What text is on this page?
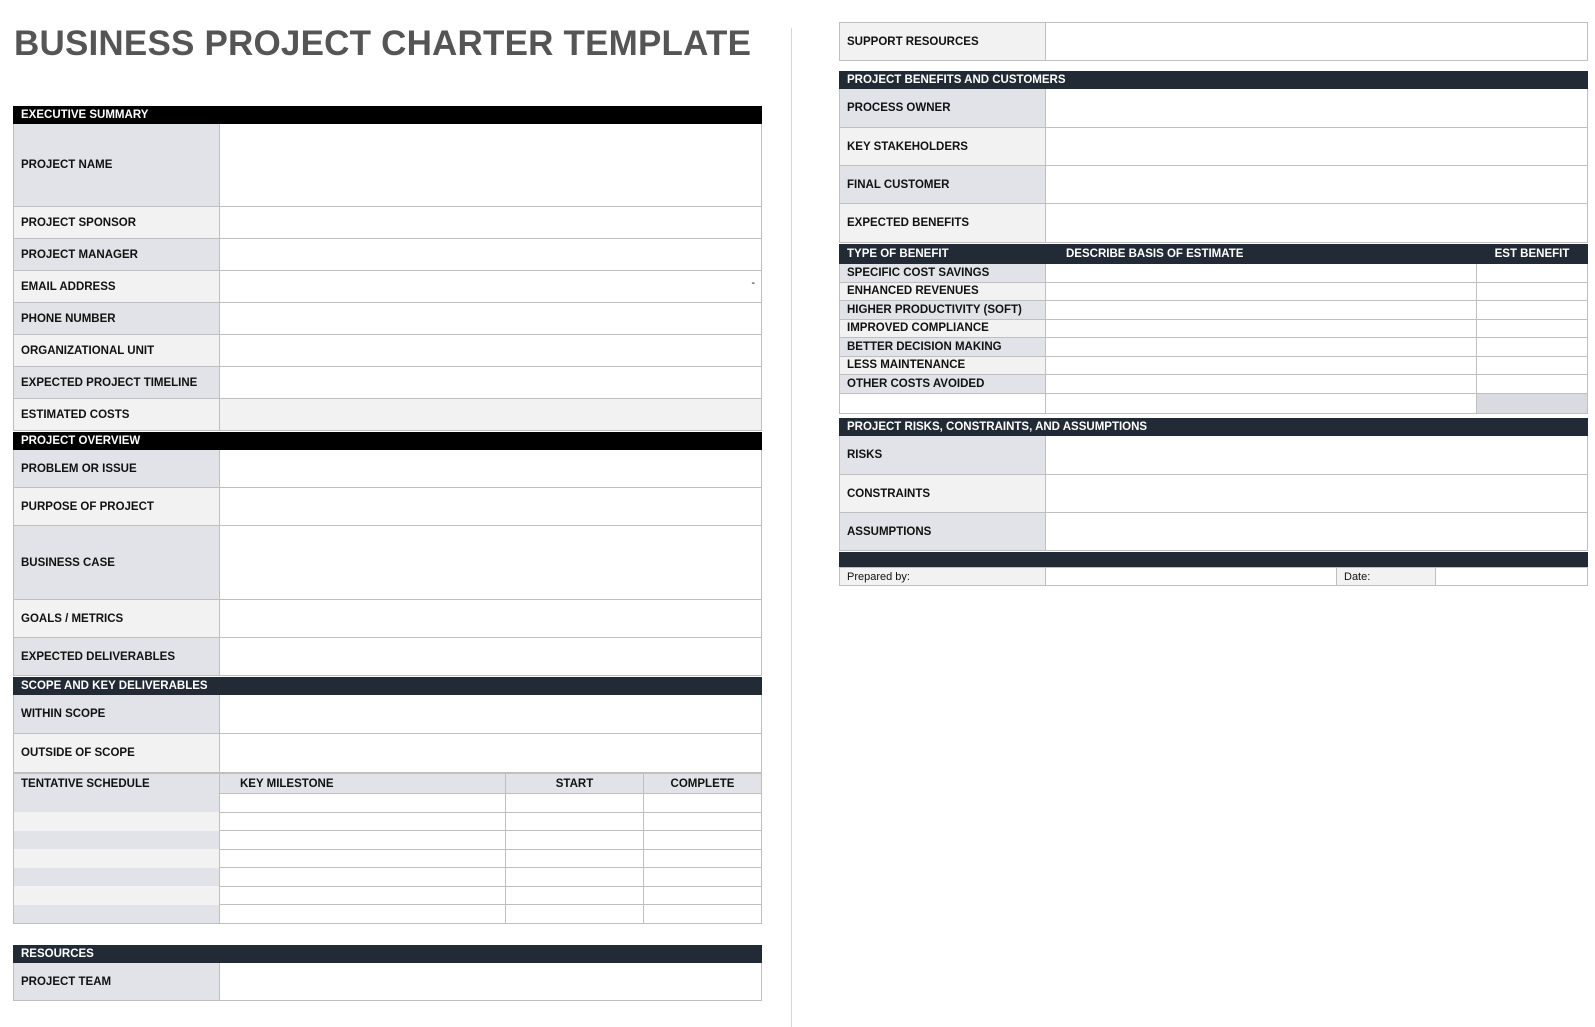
BUSINESS PROJECT CHARTER TEMPLATE
EXECUTIVE SUMMARY
PROJECT NAME
PROJECT SPONSOR
PROJECT MANAGER
EMAIL ADDRESS	-
PHONE NUMBER
ORGANIZATIONAL UNIT
EXPECTED PROJECT TIMELINE
ESTIMATED COSTS
PROJECT OVERVIEW
PROBLEM OR ISSUE
PURPOSE OF PROJECT
BUSINESS CASE
GOALS / METRICS
EXPECTED DELIVERABLES
SCOPE AND KEY DELIVERABLES
WITHIN SCOPE
OUTSIDE OF SCOPE
TENTATIVE SCHEDULE	KEY MILESTONE	START	COMPLETE

RESOURCES
PROJECT TEAM
SUPPORT RESOURCES
PROJECT BENEFITS AND CUSTOMERS
PROCESS OWNER
KEY STAKEHOLDERS
FINAL CUSTOMER
EXPECTED BENEFITS
TYPE OF BENEFIT	DESCRIBE BASIS OF ESTIMATE	EST BENEFIT
SPECIFIC COST SAVINGS		
ENHANCED REVENUES		
HIGHER PRODUCTIVITY (SOFT)		
IMPROVED COMPLIANCE		
BETTER DECISION MAKING		
LESS MAINTENANCE		
OTHER COSTS AVOIDED		

PROJECT RISKS, CONSTRAINTS, AND ASSUMPTIONS
RISKS
CONSTRAINTS
ASSUMPTIONS
Prepared by:		Date:	
